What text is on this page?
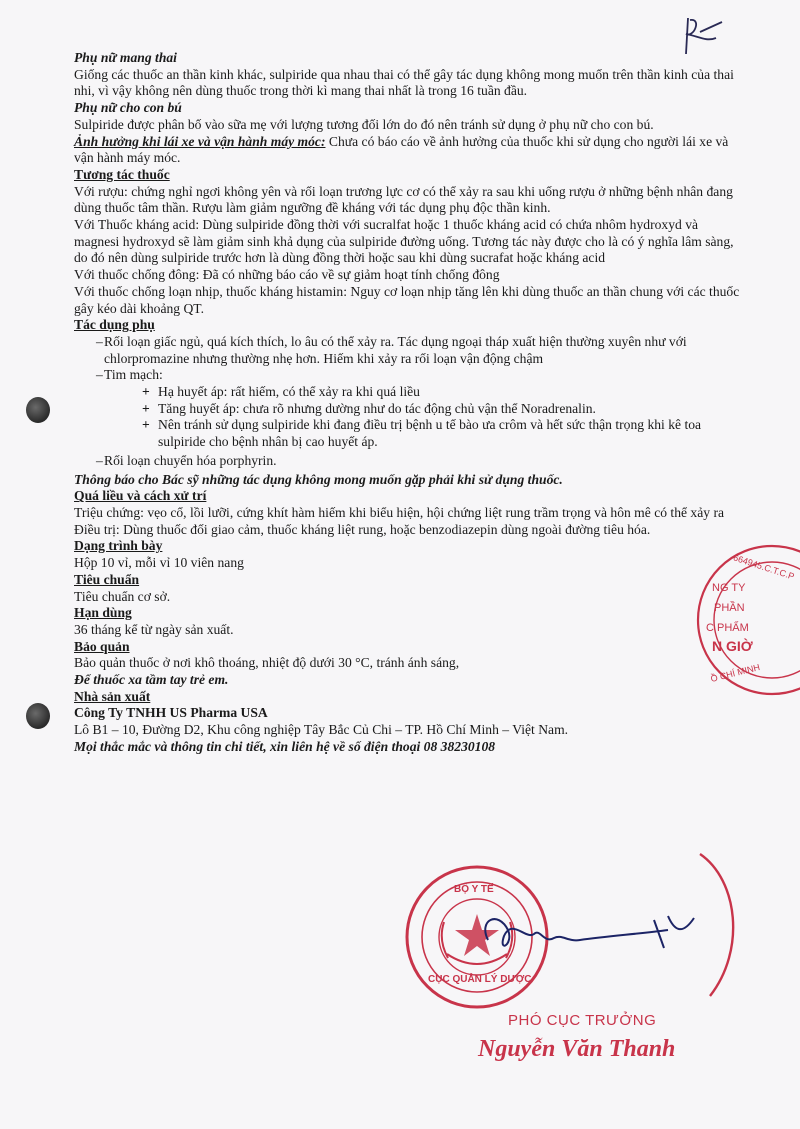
Phụ nữ mang thai

Giống các thuốc an thần kinh khác, sulpiride qua nhau thai có thể gây tác dụng không mong muốn trên thần kinh của thai nhi, vì vậy không nên dùng thuốc trong thời kì mang thai nhất là trong 16 tuần đầu.

Phụ nữ cho con bú

Sulpiride được phân bố vào sữa mẹ với lượng tương đối lớn do đó nên tránh sử dụng ở phụ nữ cho con bú.

Ảnh hưởng khi lái xe và vận hành máy móc: Chưa có báo cáo về ảnh hưởng của thuốc khi sử dụng cho người lái xe và vận hành máy móc.

Tương tác thuốc

Với rượu: chứng nghỉ ngơi không yên và rối loạn trương lực cơ có thể xảy ra sau khi uống rượu ở những bệnh nhân đang dùng thuốc tâm thần. Rượu làm giảm ngưỡng đề kháng với tác dụng phụ độc thần kinh.

Với Thuốc kháng acid: Dùng sulpiride đồng thời với sucralfat hoặc 1 thuốc kháng acid có chứa nhôm hydroxyd và magnesi hydroxyd sẽ làm giảm sinh khả dụng của sulpiride đường uống. Tương tác này được cho là có ý nghĩa lâm sàng, do đó nên dùng sulpiride trước hơn là dùng đồng thời hoặc sau khi dùng sucrafat hoặc kháng acid

Với thuốc chống đông: Đã có những báo cáo về sự giảm hoạt tính chống đông

Với thuốc chống loạn nhịp, thuốc kháng histamin: Nguy cơ loạn nhịp tăng lên khi dùng thuốc an thần chung với các thuốc gây kéo dài khoảng QT.

Tác dụng phụ

– Rối loạn giấc ngủ, quá kích thích, lo âu có thể xảy ra. Tác dụng ngoại tháp xuất hiện thường xuyên như với chlorpromazine nhưng thường nhẹ hơn. Hiếm khi xảy ra rối loạn vận động chậm

– Tim mạch:

+ Hạ huyết áp: rất hiếm, có thể xảy ra khi quá liều

+ Tăng huyết áp: chưa rõ nhưng dường như do tác động chủ vận thể Noradrenalin.

+ Nên tránh sử dụng sulpiride khi đang điều trị bệnh u tế bào ưa crôm và hết sức thận trọng khi kê toa sulpiride cho bệnh nhân bị cao huyết áp.

– Rối loạn chuyển hóa porphyrin.

Thông báo cho Bác sỹ những tác dụng không mong muốn gặp phải khi sử dụng thuốc.

Quá liều và cách xử trí

Triệu chứng: vẹo cổ, lồi lưỡi, cứng khít hàm hiếm khi biểu hiện, hội chứng liệt rung trầm trọng và hôn mê có thể xảy ra

Điều trị: Dùng thuốc đối giao cảm, thuốc kháng liệt rung, hoặc benzodiazepin dùng ngoài đường tiêu hóa.

Dạng trình bày

Hộp 10 vỉ, mỗi vỉ 10 viên nang

Tiêu chuẩn

Tiêu chuẩn cơ sở.

Hạn dùng

36 tháng kể từ ngày sản xuất.

Bảo quản

Bảo quản thuốc ở nơi khô thoáng, nhiệt độ dưới 30 °C, tránh ánh sáng,

Để thuốc xa tầm tay trẻ em.

Nhà sản xuất

Công Ty TNHH US Pharma USA

Lô B1 – 10, Đường D2, Khu công nghiệp Tây Bắc Củ Chi – TP. Hồ Chí Minh – Việt Nam.

Mọi thắc mắc và thông tin chi tiết, xin liên hệ về số điện thoại 08 38230108

664945.C.T.C.P
NG TY
PHẦN
C PHẨM
N GIỜ
Ồ CHÍ MINH
BỘ Y TẾ
CỤC QUẢN LÝ DƯỢC
PHÓ CỤC TRƯỞNG
Nguyễn Văn Thanh
